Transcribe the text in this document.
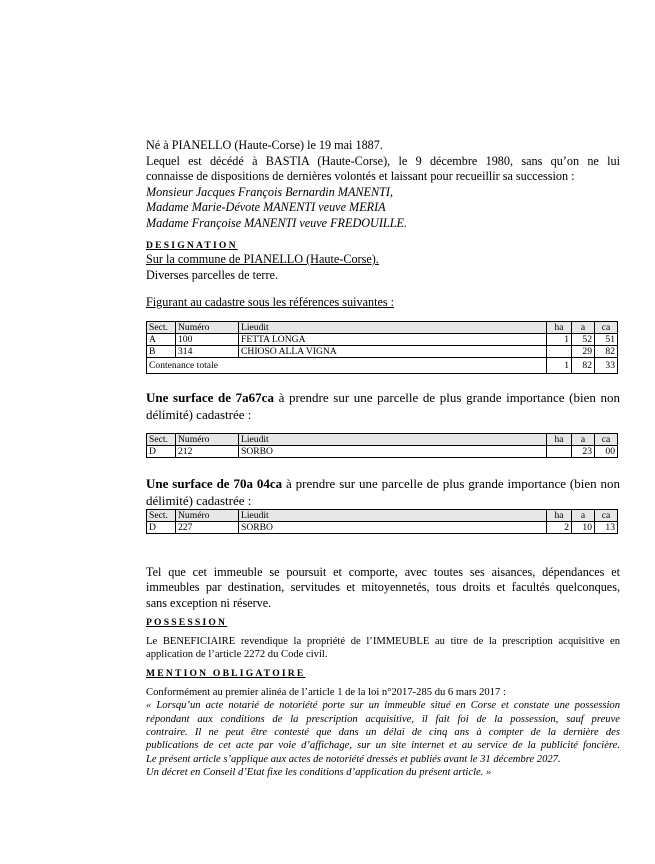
Né à PIANELLO (Haute-Corse) le 19 mai 1887.

Lequel est décédé à BASTIA (Haute-Corse), le 9 décembre 1980, sans qu’on ne lui

connaisse de dispositions de dernières volontés et laissant pour recueillir sa succession :

Monsieur Jacques François Bernardin MANENTI,

Madame Marie-Dévote MANENTI veuve MERIA

Madame Françoise MANENTI veuve FREDOUILLE.

DESIGNATION

Sur la commune de PIANELLO (Haute-Corse).

Diverses parcelles de terre.

Figurant au cadastre sous les références suivantes :

Sect.	Numéro	Lieudit	ha	a	ca
A	100	FETTA LONGA	1	52	51
B	314	CHIOSO ALLA VIGNA		29	82
Contenance totale			1	82	33

Une surface de 7a67ca à prendre sur une parcelle de plus grande importance (bien non

délimité) cadastrée :

Sect.	Numéro	Lieudit	ha	a	ca
D	212	SORBO		23	00

Une surface de 70a 04ca à prendre sur une parcelle de plus grande importance (bien non

délimité) cadastrée :

Sect.	Numéro	Lieudit	ha	a	ca
D	227	SORBO	2	10	13

Tel que cet immeuble se poursuit et comporte, avec toutes ses aisances, dépendances et

immeubles par destination, servitudes et mitoyennetés, tous droits et facultés quelconques,

sans exception ni réserve.

POSSESSION

Le BENEFICIAIRE revendique la propriété de l’IMMEUBLE au titre de la prescription acquisitive en

application de l’article 2272 du Code civil.

MENTION OBLIGATOIRE

Conformément au premier alinéa de l’article 1 de la loi n°2017-285 du 6 mars 2017 :

« Lorsqu’un acte notarié de notoriété porte sur un immeuble situé en Corse et constate une possession

répondant aux conditions de la prescription acquisitive, il fait foi de la possession, sauf preuve

contraire. Il ne peut être contesté que dans un délai de cinq ans à compter de la dernière des

publications de cet acte par voie d’affichage, sur un site internet et au service de la publicité foncière.

Le présent article s’applique aux actes de notoriété dressés et publiés avant le 31 décembre 2027.

Un décret en Conseil d’Etat fixe les conditions d’application du présent article. »
